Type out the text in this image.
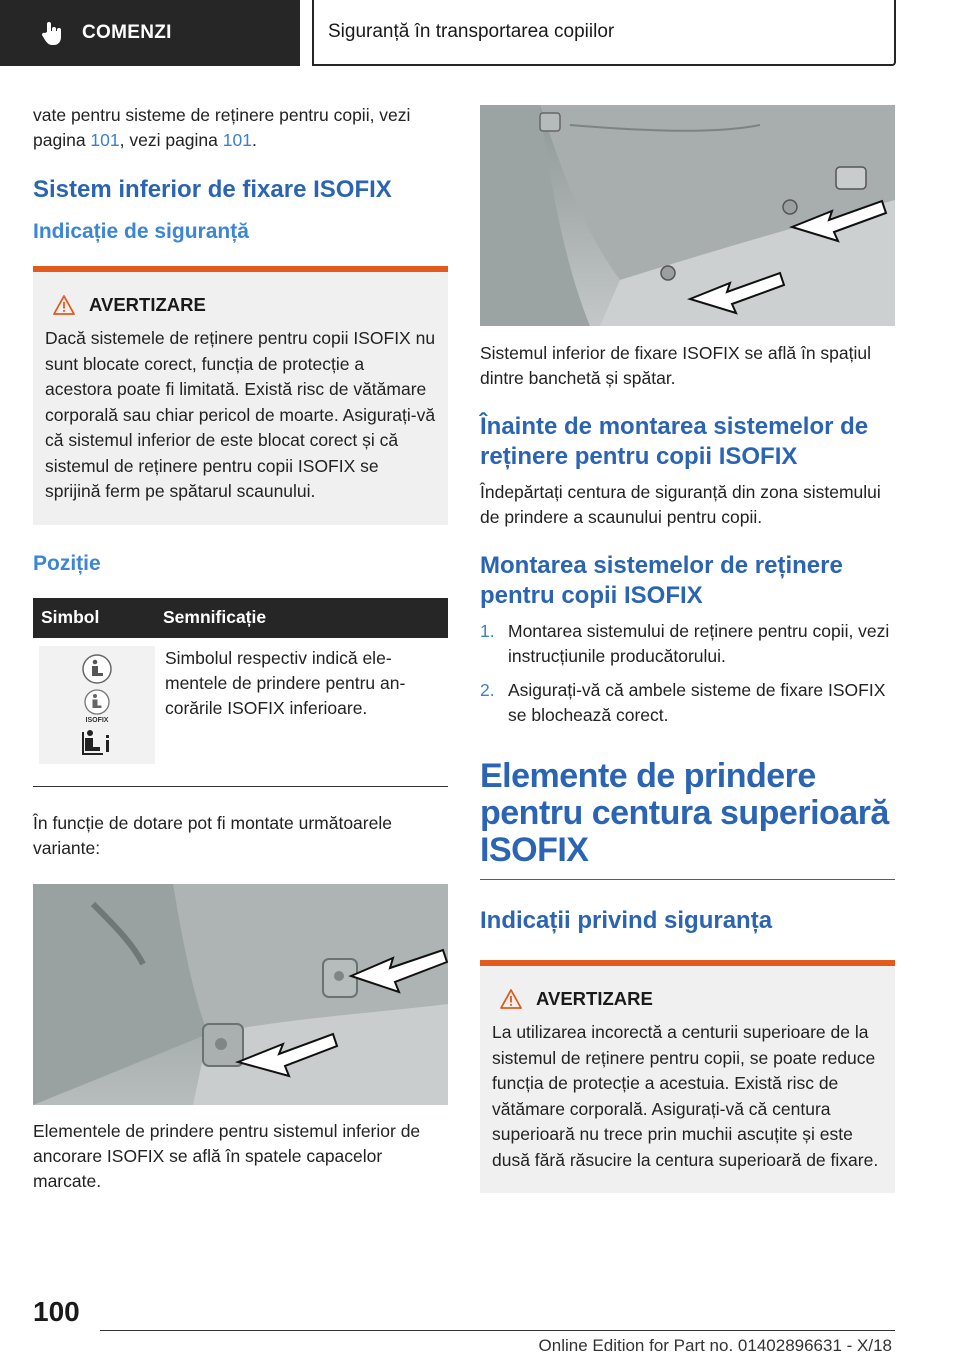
COMENZI	Siguranță în transportarea copiilor

vate pentru sisteme de reținere pentru copii, vezi pagina 101, vezi pagina 101.

Sistem inferior de fixare ISOFIX
Indicație de siguranță
AVERTIZARE

Dacă sistemele de reținere pentru copii ISOFIX nu sunt blocate corect, funcția de protecție a acestora poate fi limitată. Există risc de vătămare corporală sau chiar pericol de moarte. Asigurați-vă că sistemul inferior de este blocat corect și că sistemul de reținere pentru copii ISOFIX se sprijină ferm pe spătarul scaunului.

Poziție
Simbol	Semnificație

ISOFIX	Simbolul respectiv indică elementele de prindere pentru ancorările ISOFIX inferioare.

În funcție de dotare pot fi montate următoarele variante:

Elementele de prindere pentru sistemul inferior de ancorare ISOFIX se află în spatele capacelor marcate.

Sistemul inferior de fixare ISOFIX se află în spațiul dintre banchetă și spătar.

Înainte de montarea sistemelor de reținere pentru copii ISOFIX

Îndepărtați centura de siguranță din zona sistemului de prindere a scaunului pentru copii.

Montarea sistemelor de reținere pentru copii ISOFIX
1. Montarea sistemului de reținere pentru copii, vezi instrucțiunile producătorului.
2. Asigurați-vă că ambele sisteme de fixare ISOFIX se blochează corect.
Elemente de prindere pentru centura superioară ISOFIX
Indicații privind siguranța
AVERTIZARE

La utilizarea incorectă a centurii superioare de la sistemul de reținere pentru copii, se poate reduce funcția de protecție a acestuia. Există risc de vătămare corporală. Asigurați-vă că centura superioară nu trece prin muchii ascuțite și este dusă fără răsucire la centura superioară de fixare.

100
Online Edition for Part no. 01402896631 - X/18
